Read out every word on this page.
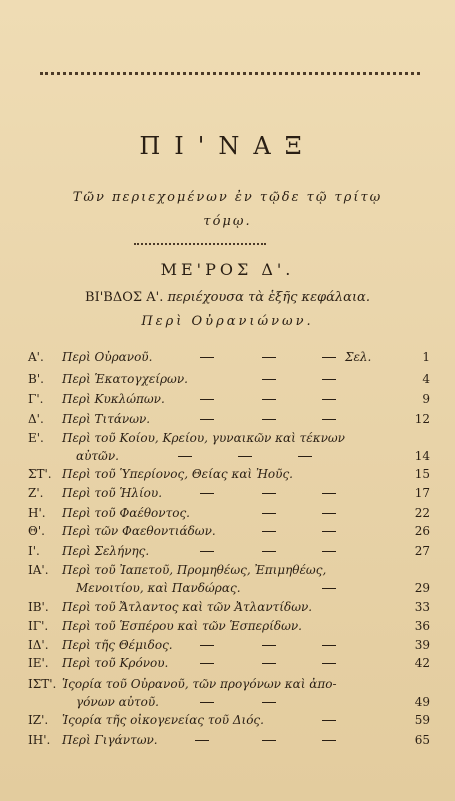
ΠΙ'ΝΑΞ
Τῶν περιεχομένων ἐν τῷδε τῷ τρίτῳ
τόμῳ.
ΜΕ'ΡΟΣ Δ'.
ΒΙ'ΒΔΟΣ Α'. περιέχουσα τὰ ἑξῆς κεφάλαια.
Περὶ Οὐρανιώνων.
Α'. Περὶ Οὐρανοῦ.	Σελ.	1
Β'. Περὶ Ἑκατογχείρων.	4
Γ'. Περὶ Κυκλώπων.	9
Δ'. Περὶ Τιτάνων.	12
Ε'. Περὶ τοῦ Κοίου, Κρείου, γυναικῶν καὶ τέκνων
αὐτῶν.	14
ΣΤ'. Περὶ τοῦ Ὑπερίονος, Θείας καὶ Ἠοῦς.	15
Ζ'. Περὶ τοῦ Ἡλίου.	17
Η'. Περὶ τοῦ Φαέθοντος.	22
Θ'. Περὶ τῶν Φαεθοντιάδων.	26
Ι'. Περὶ Σελήνης.	27
ΙΑ'. Περὶ τοῦ Ἰαπετοῦ, Προμηθέως, Ἐπιμηθέως,
Μενοιτίου, καὶ Πανδώρας.	29
ΙΒ'. Περὶ τοῦ Ἄτλαντος καὶ τῶν Ἀτλαντίδων.	33
ΙΓ'. Περὶ τοῦ Ἑσπέρου καὶ τῶν Ἑσπερίδων.	36
ΙΔ'. Περὶ τῆς Θέμιδος.	39
ΙΕ'. Περὶ τοῦ Κρόνου.	42
ΙΣΤ'. Ἱςορία τοῦ Οὐρανοῦ, τῶν προγόνων καὶ ἀπο-
γόνων αὐτοῦ.	49
ΙΖ'. Ἱςορία τῆς οἰκογενείας τοῦ Διός.	59
ΙΗ'. Περὶ Γιγάντων.	65
